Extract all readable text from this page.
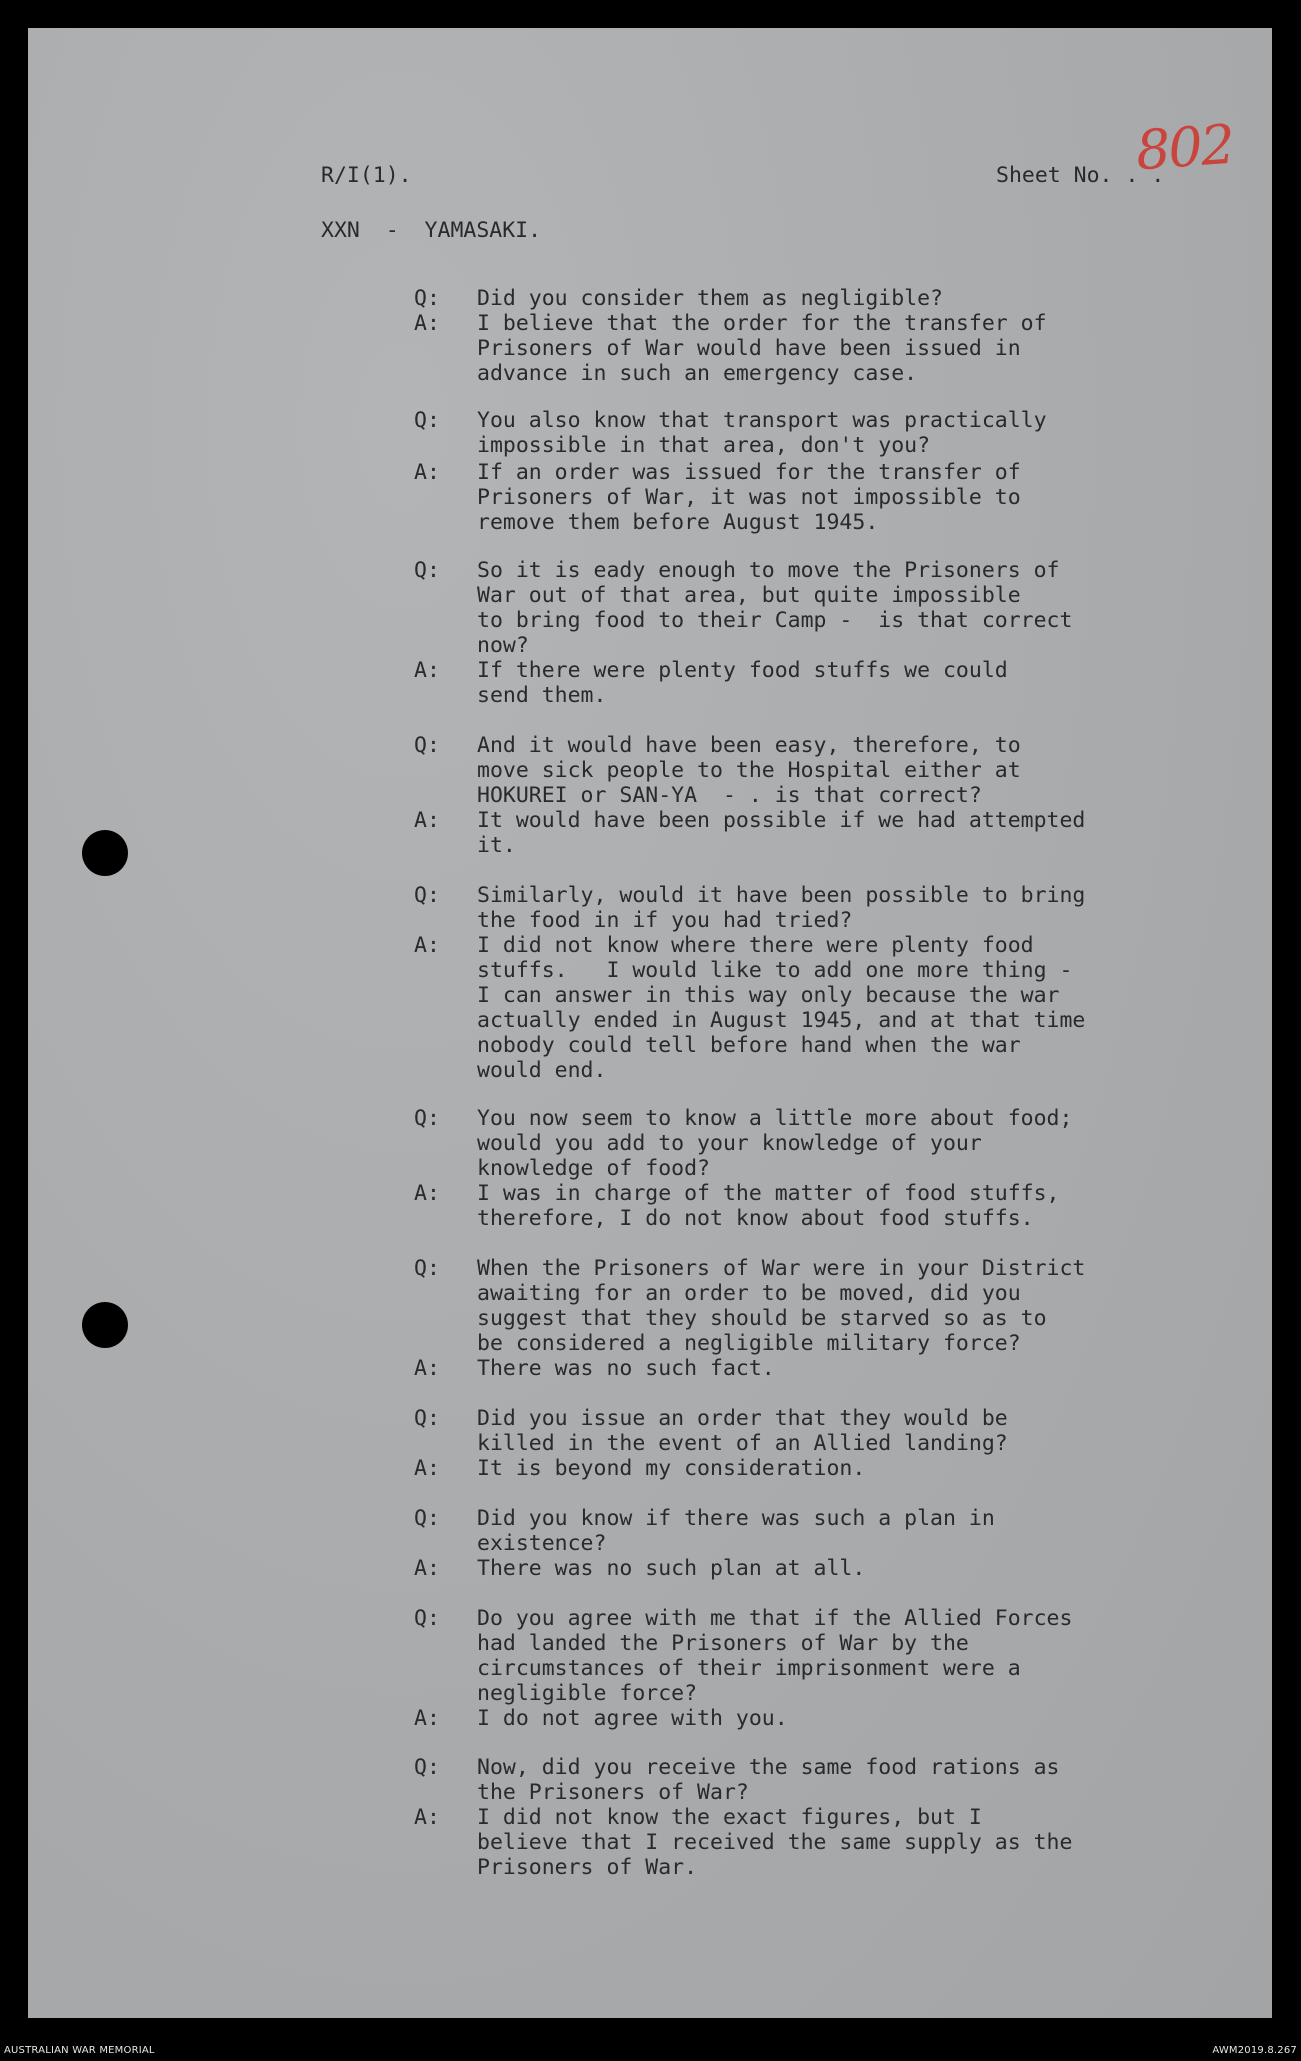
R/I(1).	Sheet No. . .
802
XXN  -  YAMASAKI.
Q: Did you consider them as negligible?
A: I believe that the order for the transfer of
Prisoners of War would have been issued in
advance in such an emergency case.
Q: You also know that transport was practically
impossible in that area, don't you?
A: If an order was issued for the transfer of
Prisoners of War, it was not impossible to
remove them before August 1945.
Q: So it is eady enough to move the Prisoners of
War out of that area, but quite impossible
to bring food to their Camp -  is that correct
now?
A: If there were plenty food stuffs we could
send them.
Q: And it would have been easy, therefore, to
move sick people to the Hospital either at
HOKUREI or SAN-YA  - . is that correct?
A: It would have been possible if we had attempted
it.
Q: Similarly, would it have been possible to bring
the food in if you had tried?
A: I did not know where there were plenty food
stuffs.   I would like to add one more thing -
I can answer in this way only because the war
actually ended in August 1945, and at that time
nobody could tell before hand when the war
would end.
Q: You now seem to know a little more about food;
would you add to your knowledge of your
knowledge of food?
A: I was in charge of the matter of food stuffs,
therefore, I do not know about food stuffs.
Q: When the Prisoners of War were in your District
awaiting for an order to be moved, did you
suggest that they should be starved so as to
be considered a negligible military force?
A: There was no such fact.
Q: Did you issue an order that they would be
killed in the event of an Allied landing?
A: It is beyond my consideration.
Q: Did you know if there was such a plan in
existence?
A: There was no such plan at all.
Q: Do you agree with me that if the Allied Forces
had landed the Prisoners of War by the
circumstances of their imprisonment were a
negligible force?
A: I do not agree with you.
Q: Now, did you receive the same food rations as
the Prisoners of War?
A: I did not know the exact figures, but I
believe that I received the same supply as the
Prisoners of War.
AUSTRALIAN WAR MEMORIAL	AWM2019.8.267
